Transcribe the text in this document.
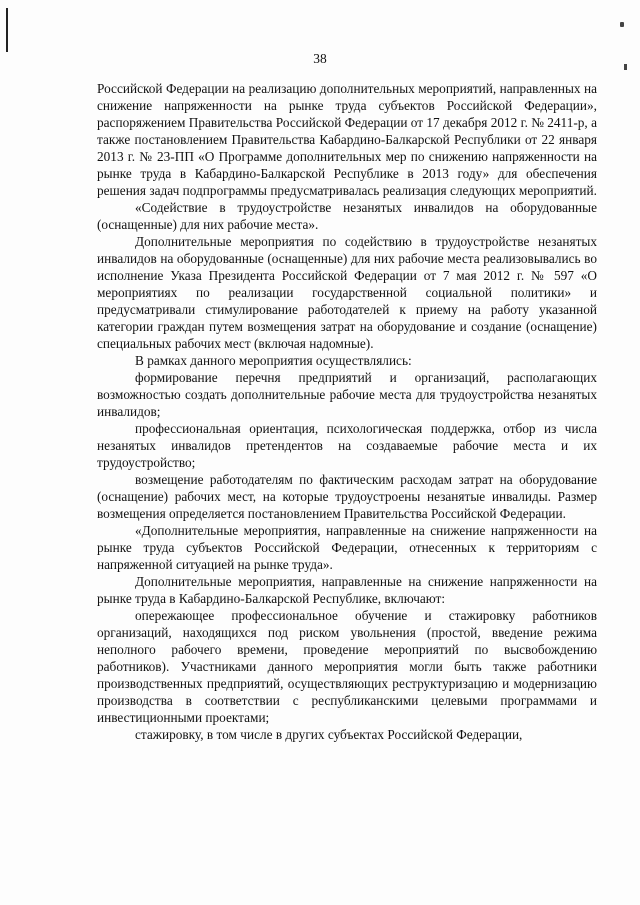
38

Российской Федерации на реализацию дополнительных мероприятий, направленных на снижение напряженности на рынке труда субъектов Российской Федерации», распоряжением Правительства Российской Федерации от 17 декабря 2012 г. № 2411-р, а также постановлением Правительства Кабардино-Балкарской Республики от 22 января 2013 г. № 23-ПП «О Программе дополнительных мер по снижению напряженности на рынке труда в Кабардино-Балкарской Республике в 2013 году» для обеспечения решения задач подпрограммы предусматривалась реализация следующих мероприятий.

«Содействие в трудоустройстве незанятых инвалидов на оборудованные (оснащенные) для них рабочие места».

Дополнительные мероприятия по содействию в трудоустройстве незанятых инвалидов на оборудованные (оснащенные) для них рабочие места реализовывались во исполнение Указа Президента Российской Федерации от 7 мая 2012 г. № 597 «О мероприятиях по реализации государственной социальной политики» и предусматривали стимулирование работодателей к приему на работу указанной категории граждан путем возмещения затрат на оборудование и создание (оснащение) специальных рабочих мест (включая надомные).

В рамках данного мероприятия осуществлялись:

формирование перечня предприятий и организаций, располагающих возможностью создать дополнительные рабочие места для трудоустройства незанятых инвалидов;

профессиональная ориентация, психологическая поддержка, отбор из числа незанятых инвалидов претендентов на создаваемые рабочие места и их трудоустройство;

возмещение работодателям по фактическим расходам затрат на оборудование (оснащение) рабочих мест, на которые трудоустроены незанятые инвалиды. Размер возмещения определяется постановлением Правительства Российской Федерации.

«Дополнительные мероприятия, направленные на снижение напряженности на рынке труда субъектов Российской Федерации, отнесенных к территориям с напряженной ситуацией на рынке труда».

Дополнительные мероприятия, направленные на снижение напряженности на рынке труда в Кабардино-Балкарской Республике, включают:

опережающее профессиональное обучение и стажировку работников организаций, находящихся под риском увольнения (простой, введение режима неполного рабочего времени, проведение мероприятий по высвобождению работников). Участниками данного мероприятия могли быть также работники производственных предприятий, осуществляющих реструктуризацию и модернизацию производства в соответствии с республиканскими целевыми программами и инвестиционными проектами;

стажировку, в том числе в других субъектах Российской Федерации,
